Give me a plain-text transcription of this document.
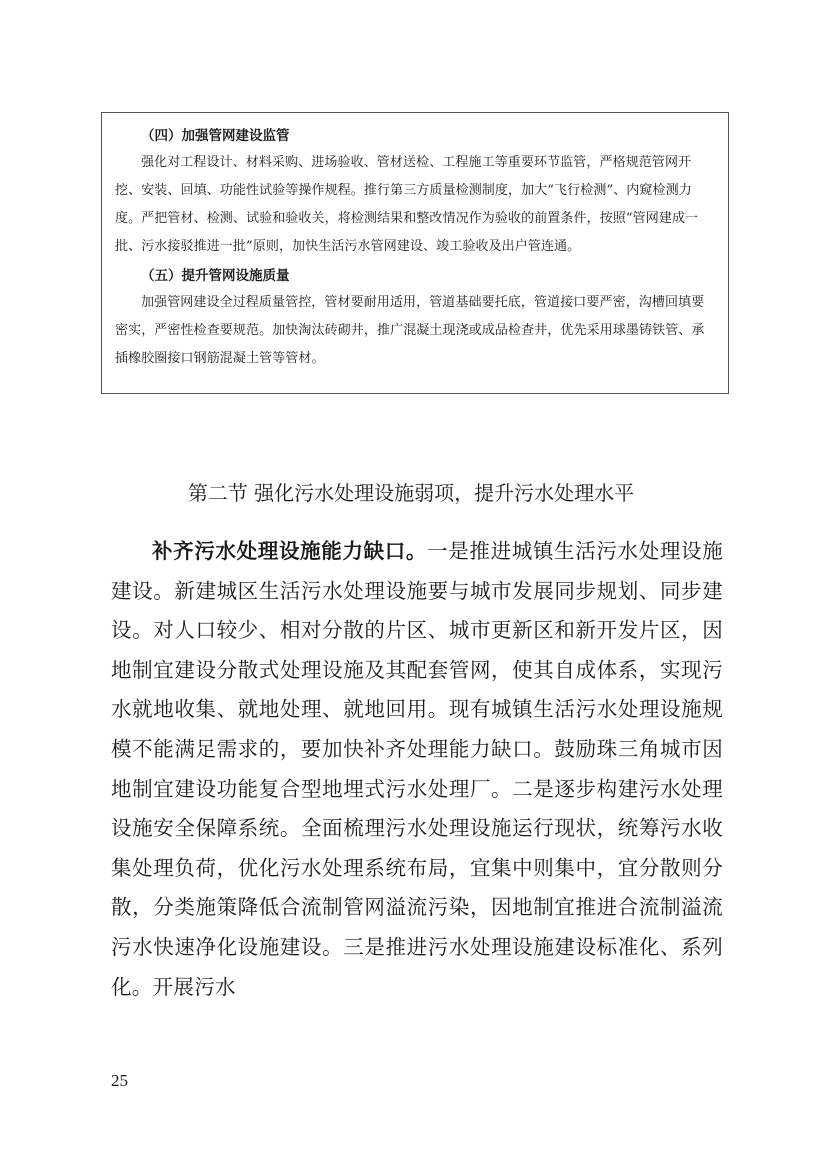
（四）加强管网建设监管

强化对工程设计、材料采购、进场验收、管材送检、工程施工等重要环节监管，严格规范管网开挖、安装、回填、功能性试验等操作规程。推行第三方质量检测制度，加大“飞行检测”、内窥检测力度。严把管材、检测、试验和验收关，将检测结果和整改情况作为验收的前置条件，按照“管网建成一批、污水接驳推进一批”原则，加快生活污水管网建设、竣工验收及出户管连通。

（五）提升管网设施质量

加强管网建设全过程质量管控，管材要耐用适用，管道基础要托底，管道接口要严密，沟槽回填要密实，严密性检查要规范。加快淘汰砖砌井，推广混凝土现浇或成品检查井，优先采用球墨铸铁管、承插橡胶圈接口钢筋混凝土管等管材。

第二节 强化污水处理设施弱项，提升污水处理水平

补齐污水处理设施能力缺口。一是推进城镇生活污水处理设施建设。新建城区生活污水处理设施要与城市发展同步规划、同步建设。对人口较少、相对分散的片区、城市更新区和新开发片区，因地制宜建设分散式处理设施及其配套管网，使其自成体系，实现污水就地收集、就地处理、就地回用。现有城镇生活污水处理设施规模不能满足需求的，要加快补齐处理能力缺口。鼓励珠三角城市因地制宜建设功能复合型地埋式污水处理厂。二是逐步构建污水处理设施安全保障系统。全面梳理污水处理设施运行现状，统筹污水收集处理负荷，优化污水处理系统布局，宜集中则集中，宜分散则分散，分类施策降低合流制管网溢流污染，因地制宜推进合流制溢流污水快速净化设施建设。三是推进污水处理设施建设标准化、系列化。开展污水

25
